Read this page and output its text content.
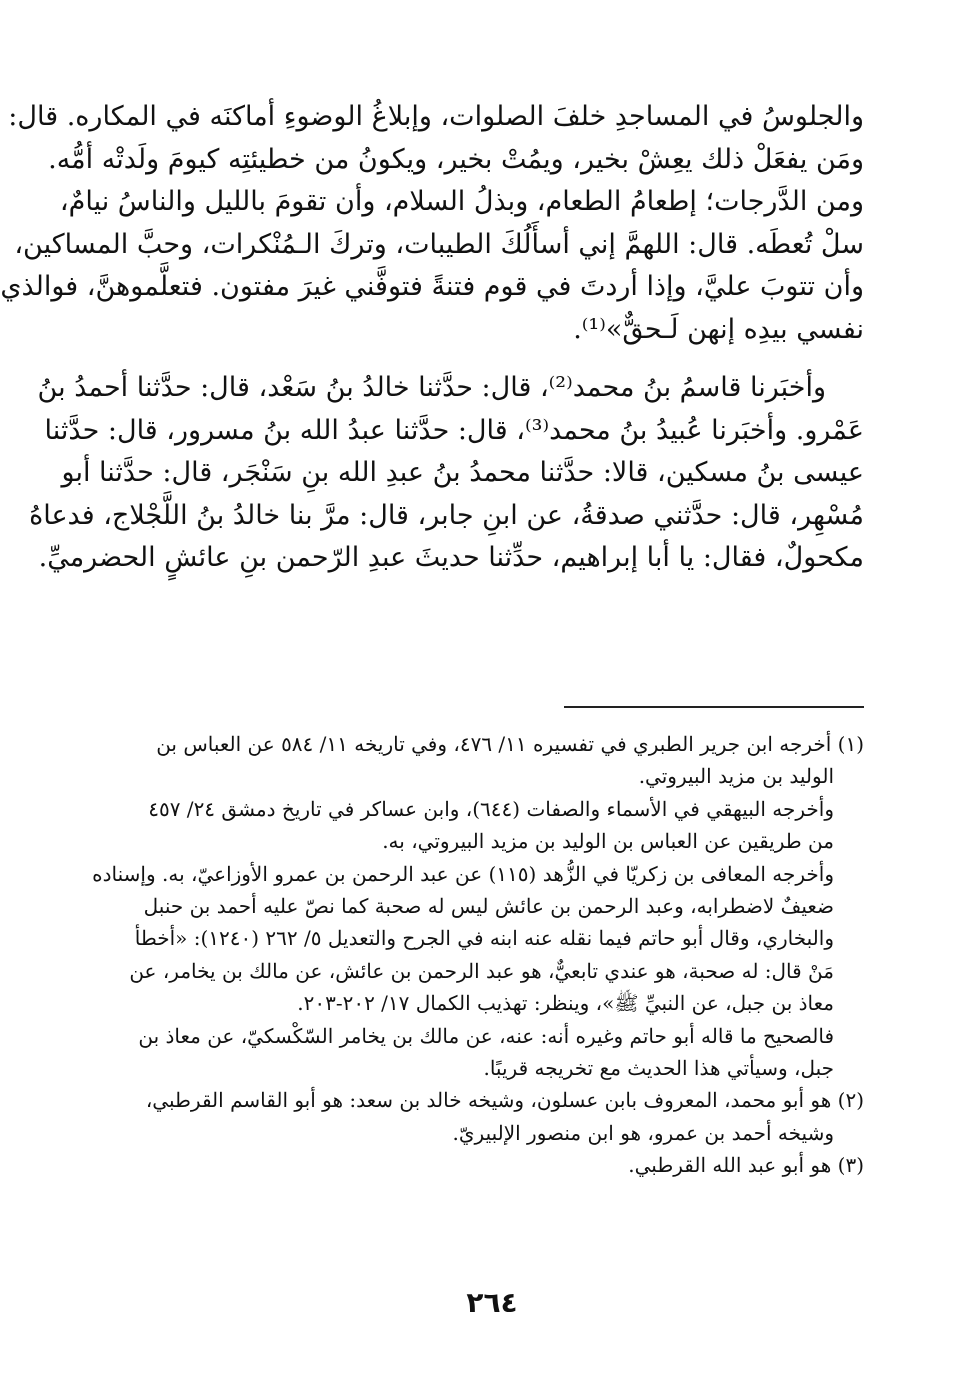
والجلوسُ في المساجدِ خلفَ الصلوات، وإبلاغُ الوضوءِ أماكنَه في المكاره. قال:
ومَن يفعَلْ ذلك يعِشْ بخير، ويمُتْ بخير، ويكونُ من خطيئتِه كيومَ ولَدتْه أمُّه.
ومن الدَّرجات؛ إطعامُ الطعام، وبذلُ السلام، وأن تقومَ بالليل والناسُ نيامٌ،
سلْ تُعطَه. قال: اللهمَّ إني أسأَلُكَ الطيبات، وتركَ الـمُنْكرات، وحبَّ المساكين،
وأن تتوبَ عليَّ، وإذا أردتَ في قوم فتنةً فتوفَّني غيرَ مفتون. فتعلَّموهنَّ، فوالذي
نفسي بيدِه إنهن لَـحقٌّ»⁽¹⁾.
وأخبَرنا قاسمُ بنُ محمد⁽²⁾، قال: حدَّثنا خالدُ بنُ سَعْد، قال: حدَّثنا أحمدُ بنُ
عَمْرو. وأخبَرنا عُبيدُ بنُ محمد⁽³⁾، قال: حدَّثنا عبدُ الله بنُ مسرور، قال: حدَّثنا
عيسى بنُ مسكين، قالا: حدَّثنا محمدُ بنُ عبدِ الله بنِ سَنْجَر، قال: حدَّثنا أبو
مُسْهِر، قال: حدَّثني صدقةُ، عن ابنِ جابر، قال: مرَّ بنا خالدُ بنُ اللَّجْلاج، فدعاهُ
مكحولٌ، فقال: يا أبا إبراهيم، حدِّثنا حديثَ عبدِ الرّحمن بنِ عائشٍ الحضرميِّ.
(١) أخرجه ابن جرير الطبري في تفسيره ١١/ ٤٧٦، وفي تاريخه ١١/ ٥٨٤ عن العباس بن
الوليد بن مزيد البيروتي.
وأخرجه البيهقي في الأسماء والصفات (٦٤٤)، وابن عساكر في تاريخ دمشق ٢٤/ ٤٥٧
من طريقين عن العباس بن الوليد بن مزيد البيروتي، به.
وأخرجه المعافى بن زكريّا في الزُّهد (١١٥) عن عبد الرحمن بن عمرو الأوزاعيّ، به. وإسناده
ضعيفٌ لاضطرابه، وعبد الرحمن بن عائش ليس له صحبة كما نصّ عليه أحمد بن حنبل
والبخاري، وقال أبو حاتم فيما نقله عنه ابنه في الجرح والتعديل ٥/ ٢٦٢ (١٢٤٠): «أخطأ
مَنْ قال: له صحبة، هو عندي تابعيٌّ، هو عبد الرحمن بن عائش، عن مالك بن يخامر، عن
معاذ بن جبل، عن النبيِّ ﷺ»، وينظر: تهذيب الكمال ١٧/ ٢٠٢-٢٠٣.
فالصحيح ما قاله أبو حاتم وغيره أنه: عنه، عن مالك بن يخامر السّكْسكيّ، عن معاذ بن
جبل، وسيأتي هذا الحديث مع تخريجه قريبًا.
(٢) هو أبو محمد، المعروف بابن عسلون، وشيخه خالد بن سعد: هو أبو القاسم القرطبي،
وشيخه أحمد بن عمرو، هو ابن منصور الإلبيريّ.
(٣) هو أبو عبد الله القرطبي.
٢٦٤
